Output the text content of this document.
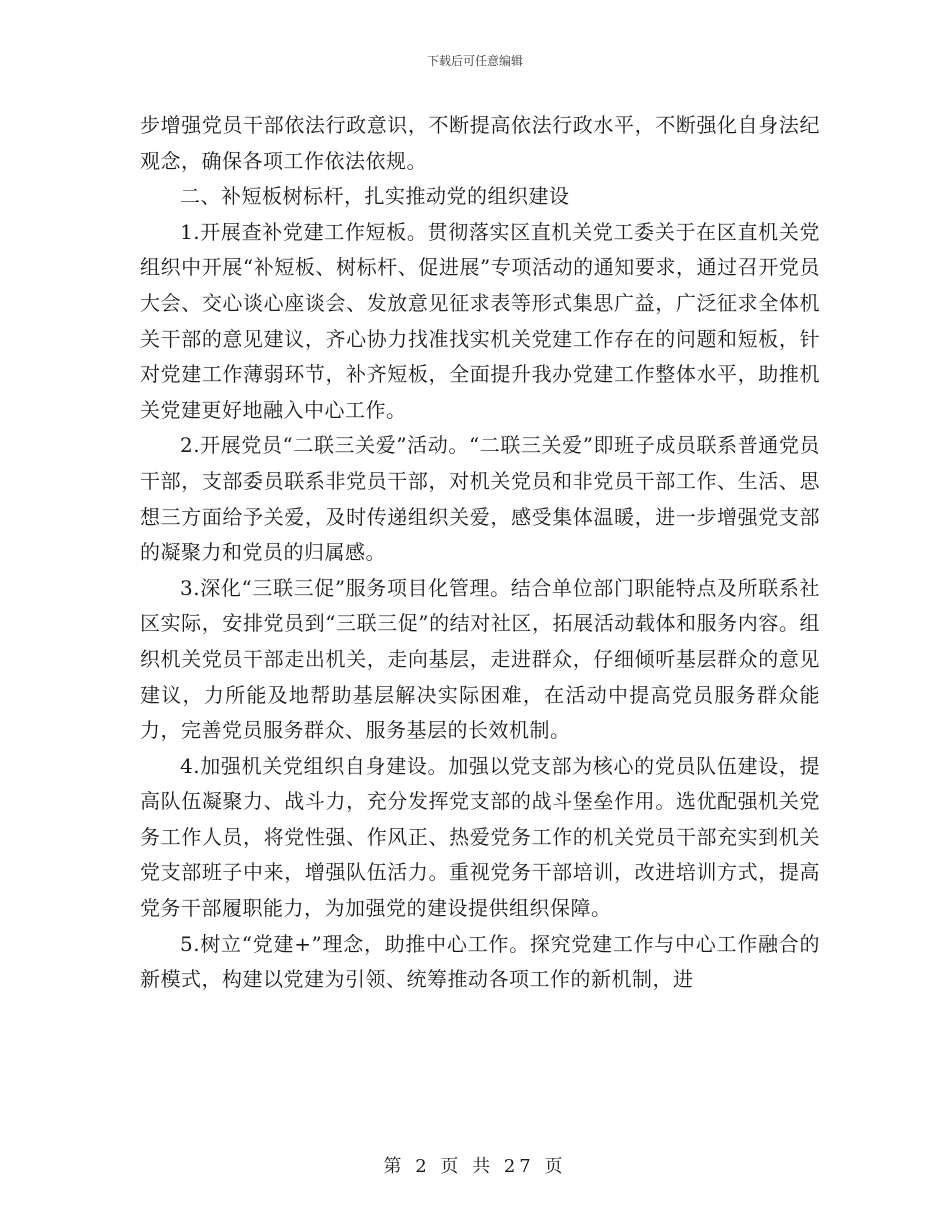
下载后可任意编辑

步增强党员干部依法行政意识，不断提高依法行政水平，不断强化自身法纪观念，确保各项工作依法依规。

二、补短板树标杆，扎实推动党的组织建设

1.开展查补党建工作短板。贯彻落实区直机关党工委关于在区直机关党组织中开展“补短板、树标杆、促进展”专项活动的通知要求，通过召开党员大会、交心谈心座谈会、发放意见征求表等形式集思广益，广泛征求全体机关干部的意见建议，齐心协力找准找实机关党建工作存在的问题和短板，针对党建工作薄弱环节，补齐短板，全面提升我办党建工作整体水平，助推机关党建更好地融入中心工作。

2.开展党员“二联三关爱”活动。“二联三关爱”即班子成员联系普通党员干部，支部委员联系非党员干部，对机关党员和非党员干部工作、生活、思想三方面给予关爱，及时传递组织关爱，感受集体温暖，进一步增强党支部的凝聚力和党员的归属感。

3.深化“三联三促”服务项目化管理。结合单位部门职能特点及所联系社区实际，安排党员到“三联三促”的结对社区，拓展活动载体和服务内容。组织机关党员干部走出机关，走向基层，走进群众，仔细倾听基层群众的意见建议，力所能及地帮助基层解决实际困难，在活动中提高党员服务群众能力，完善党员服务群众、服务基层的长效机制。

4.加强机关党组织自身建设。加强以党支部为核心的党员队伍建设，提高队伍凝聚力、战斗力，充分发挥党支部的战斗堡垒作用。选优配强机关党务工作人员，将党性强、作风正、热爱党务工作的机关党员干部充实到机关党支部班子中来，增强队伍活力。重视党务干部培训，改进培训方式，提高党务干部履职能力，为加强党的建设提供组织保障。

5.树立“党建+”理念，助推中心工作。探究党建工作与中心工作融合的新模式，构建以党建为引领、统筹推动各项工作的新机制，进

第 2 页 共 27 页
